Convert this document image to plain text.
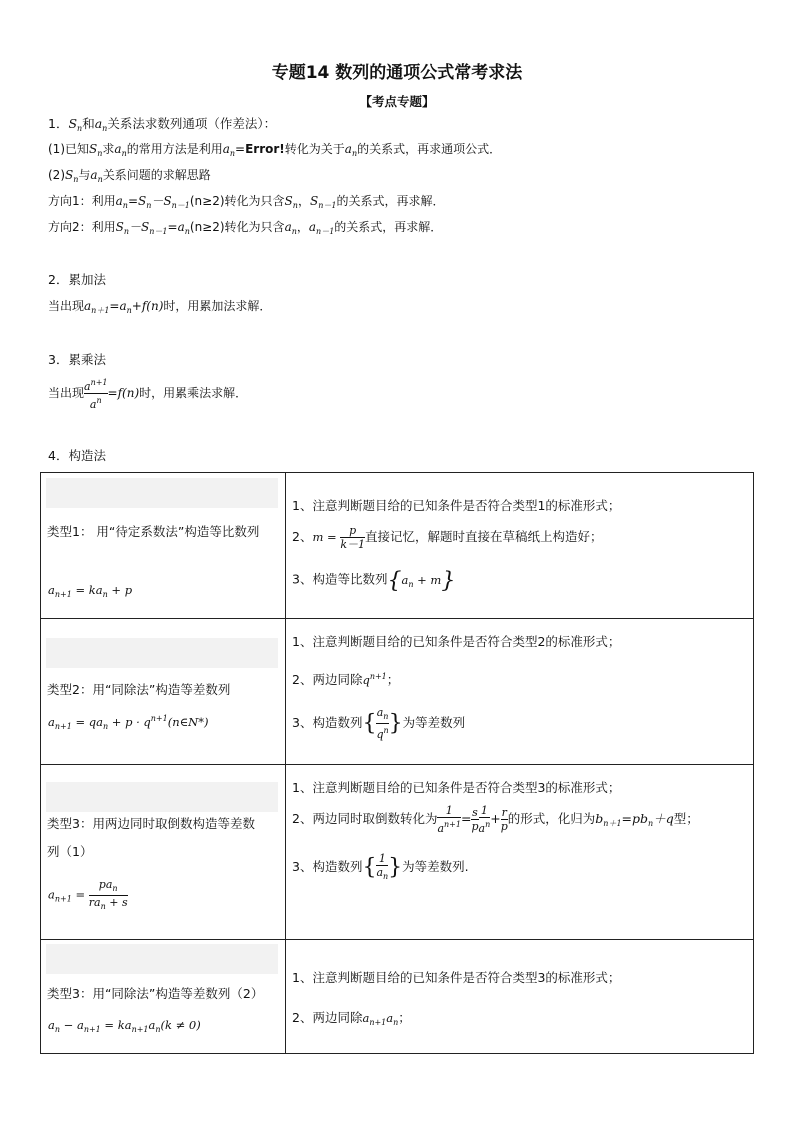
专题14 数列的通项公式常考求法
【考点专题】
1．$S_n$和$a_n$关系法求数列通项（作差法）：
(1)已知$S_n$求$a_n$的常用方法是利用$a_n=Error$!转化为关于$a_n$的关系式，再求通项公式．
$(2)S_n$与$a_n$关系问题的求解思路
方向1：利用$a_n=S_n-S_{n-1}(n\ge 2)$转化为只含$S_n$，$S_{n-1}$的关系式，再求解．
方向2：利用$S_n-S_{n-1}=a_n(n\ge 2)$转化为只含$a_n$，$a_{n-1}$的关系式，再求解．
2．累加法
当出现$a_{n+1}=a_n+f(n)$时，用累加法求解．
3．累乘法
当出现 $\frac{a^{n+1}}{a^n} =f(n)$时，用累乘法求解．
4．构造法
类型1： 用“待定系数法”构造等比数列
$a_{n+1} = ka_n + p$
1、注意判断题目给的已知条件是否符合类型1的标准形式；
2、$m = \frac{p}{k-1}$ 直接记忆，解题时直接在草稿纸上构造好；
3、构造等比数列$\{a_n + m\}$
类型2：用“同除法”构造等差数列
$a_{n+1} = qa_n + p$ · $q^{n+1}(n\in N*)$
1、注意判断题目给的已知条件是否符合类型2的标准形式；
2、两边同除$q^{n+1}$；
3、构造数列{ $\frac{a_n}{q^n}$ }为等差数列
类型3：用两边同时取倒数构造等差数
列（1）
$a_{n+1} = \frac{pa_n}{ra_n + s}$
1、注意判断题目给的已知条件是否符合类型3的标准形式；
2、两边同时取倒数转化为 $\frac{1}{a^{n+1}} = \frac{s}{p} \frac{1}{a^n} + \frac{r}{p}$ 的形式，化归为$b_{n+1}=pb_n+q$型；
3、构造数列{ $\frac{1}{a_n}$ }为等差数列.
类型3：用“同除法”构造等差数列（2）
$a_n - a_{n+1} = ka_{n+1}a_n(k \ne 0)$
1、注意判断题目给的已知条件是否符合类型3的标准形式；
2、两边同除$a_{n+1}a_n$；
